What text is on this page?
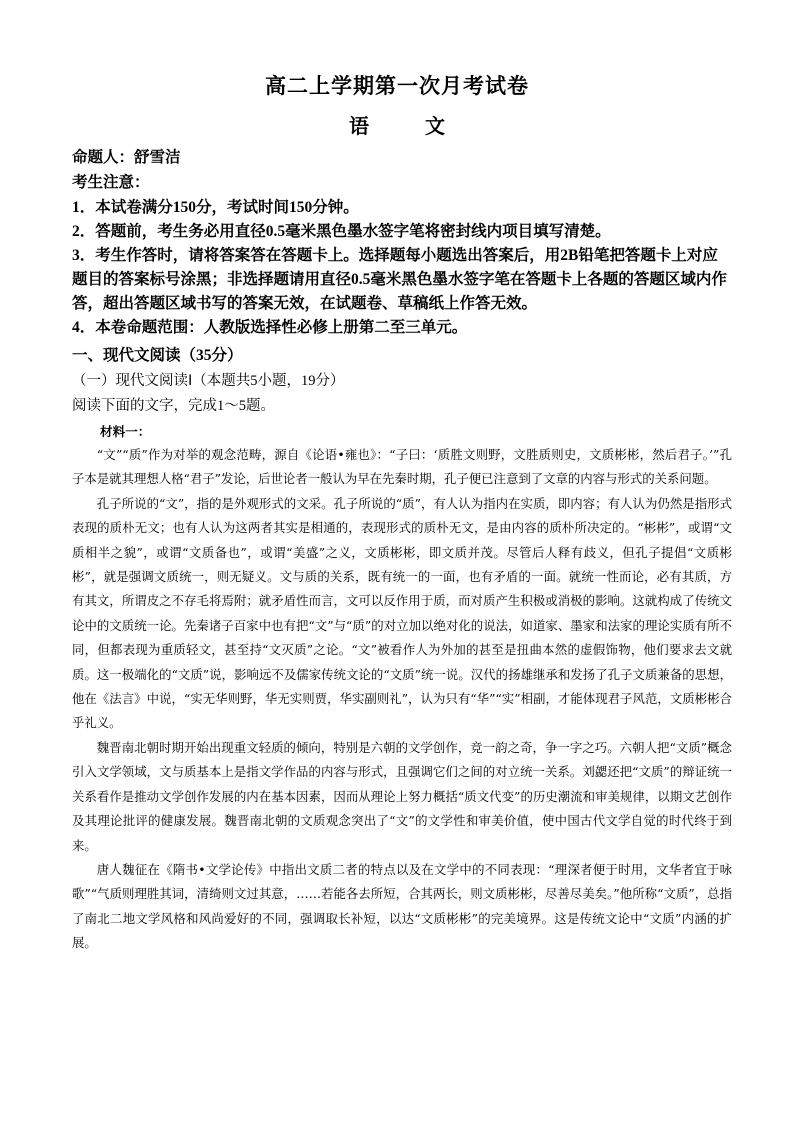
高二上学期第一次月考试卷
语　文
命题人：舒雪洁
考生注意：

1．本试卷满分150分，考试时间150分钟。

2．答题前，考生务必用直径0.5毫米黑色墨水签字笔将密封线内项目填写清楚。

3．考生作答时，请将答案答在答题卡上。选择题每小题选出答案后，用2B铅笔把答题卡上对应题目的答案标号涂黑；非选择题请用直径0.5毫米黑色墨水签字笔在答题卡上各题的答题区域内作答，超出答题区域书写的答案无效，在试题卷、草稿纸上作答无效。

4．本卷命题范围：人教版选择性必修上册第二至三单元。

一、现代文阅读（35分）
（一）现代文阅读Ⅰ（本题共5小题，19分）
阅读下面的文字，完成1～5题。
材料一：

“文”“质”作为对举的观念范畴，源自《论语•雍也》：“子曰：‘质胜文则野，文胜质则史，文质彬彬，然后君子。’”孔子本是就其理想人格“君子”发论，后世论者一般认为早在先秦时期，孔子便已注意到了文章的内容与形式的关系问题。

孔子所说的“文”，指的是外观形式的文采。孔子所说的“质”，有人认为指内在实质，即内容；有人认为仍然是指形式表现的质朴无文；也有人认为这两者其实是相通的，表现形式的质朴无文，是由内容的质朴所决定的。“彬彬”，或谓“文质相半之貌”，或谓“文质备也”，或谓“美盛”之义，文质彬彬，即文质并茂。尽管后人释有歧义，但孔子提倡“文质彬彬”，就是强调文质统一，则无疑义。文与质的关系，既有统一的一面，也有矛盾的一面。就统一性而论，必有其质，方有其文，所谓皮之不存毛将焉附；就矛盾性而言，文可以反作用于质，而对质产生积极或消极的影响。这就构成了传统文论中的文质统一论。先秦诸子百家中也有把“文”与“质”的对立加以绝对化的说法，如道家、墨家和法家的理论实质有所不同，但都表现为重质轻文，甚至持“文灭质”之论。“文”被看作人为外加的甚至是扭曲本然的虚假饰物，他们要求去文就质。这一极端化的“文质”说，影响远不及儒家传统文论的“文质”统一说。汉代的扬雄继承和发扬了孔子文质兼备的思想，他在《法言》中说，“实无华则野，华无实则贾，华实副则礼”，认为只有“华”“实”相副，才能体现君子风范，文质彬彬合乎礼义。

魏晋南北朝时期开始出现重文轻质的倾向，特别是六朝的文学创作，竞一韵之奇，争一字之巧。六朝人把“文质”概念引入文学领域，文与质基本上是指文学作品的内容与形式，且强调它们之间的对立统一关系。刘勰还把“文质”的辩证统一关系看作是推动文学创作发展的内在基本因素，因而从理论上努力概括“质文代变”的历史潮流和审美规律，以期文艺创作及其理论批评的健康发展。魏晋南北朝的文质观念突出了“文”的文学性和审美价值，使中国古代文学自觉的时代终于到来。

唐人魏征在《隋书•文学论传》中指出文质二者的特点以及在文学中的不同表现：“理深者便于时用，文华者宜于咏歌”“气质则理胜其词，清绮则文过其意，……若能各去所短，合其两长，则文质彬彬，尽善尽美矣。”他所称“文质”，总指了南北二地文学风格和风尚爱好的不同，强调取长补短，以达“文质彬彬”的完美境界。这是传统文论中“文质”内涵的扩展。
